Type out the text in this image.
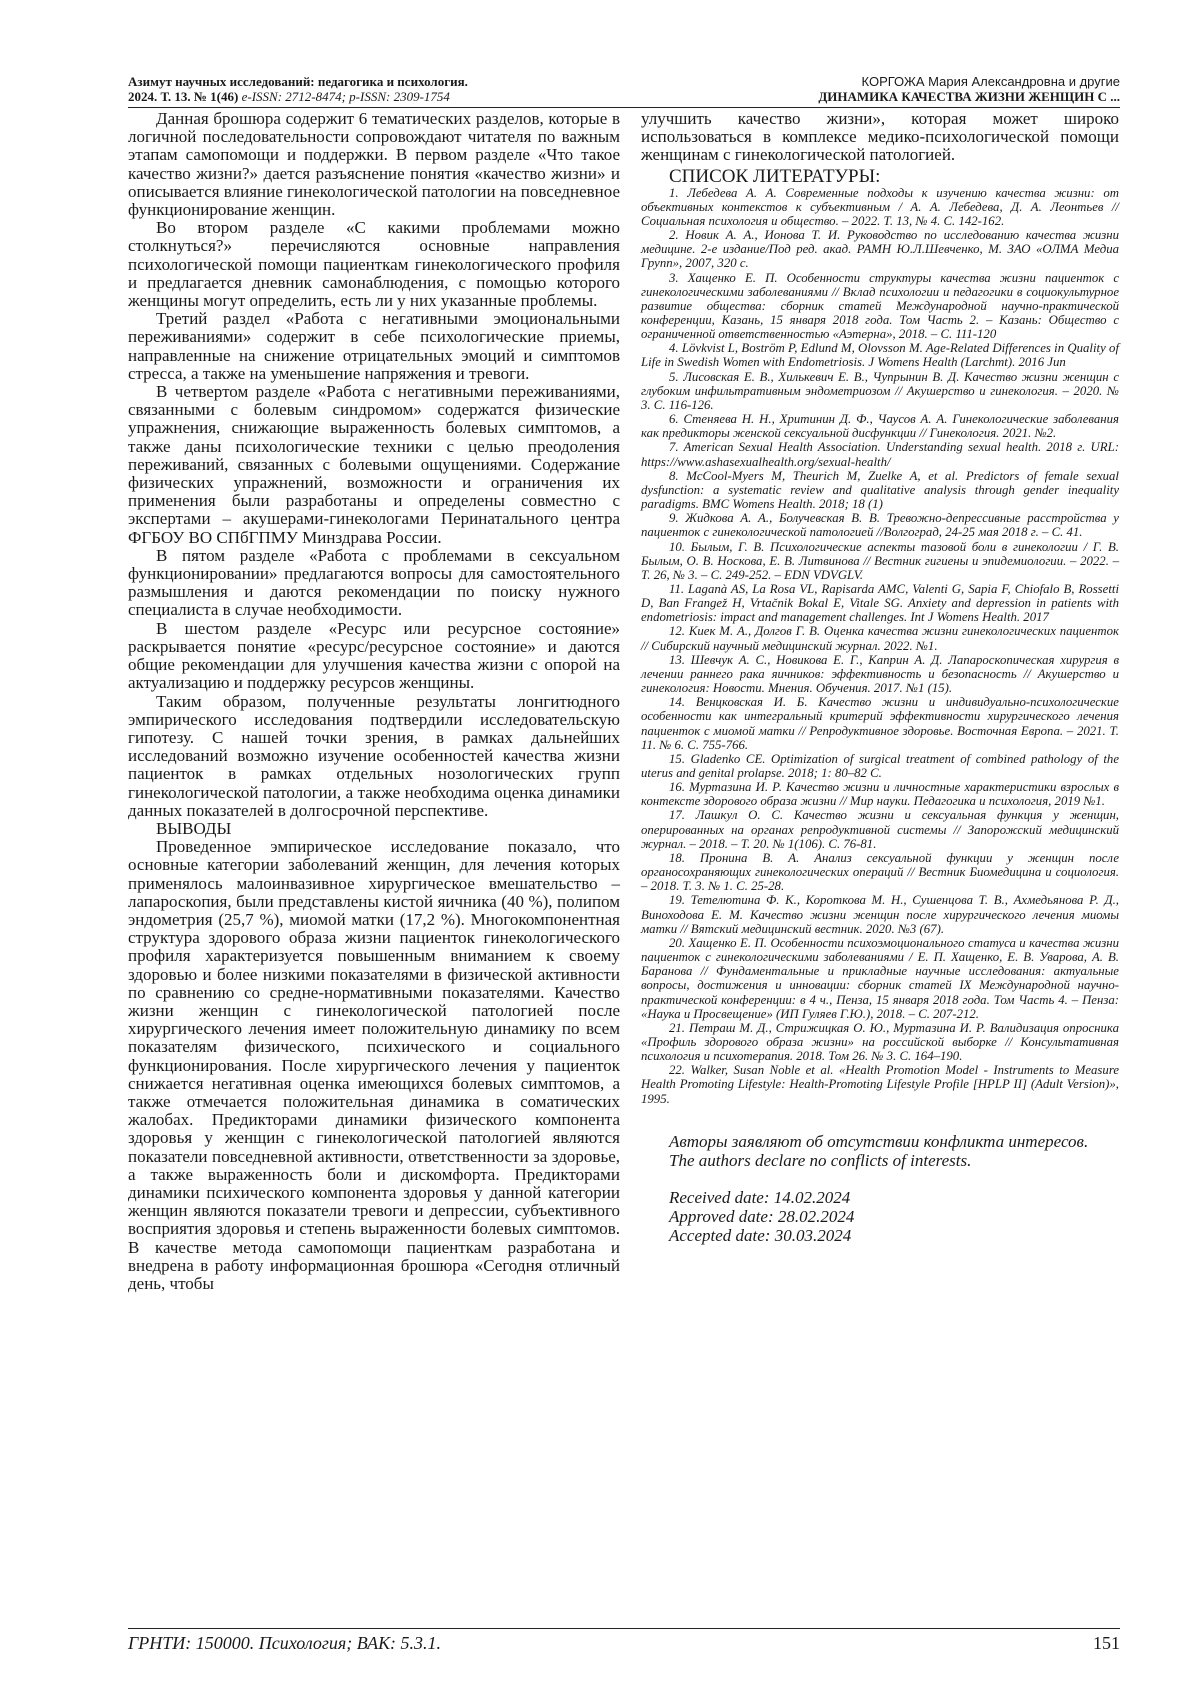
Азимут научных исследований: педагогика и психология.
2024. Т. 13. № 1(46) e-ISSN: 2712-8474; p-ISSN: 2309-1754
КОРГОЖА Мария Александровна и другие
ДИНАМИКА КАЧЕСТВА ЖИЗНИ ЖЕНЩИН С ...

Данная брошюра содержит 6 тематических разделов, которые в логичной последовательности сопровождают читателя по важным этапам самопомощи и поддержки. В первом разделе «Что такое качество жизни?» дается разъяснение понятия «качество жизни» и описывается влияние гинекологической патологии на повседневное функционирование женщин.

Во втором разделе «С какими проблемами можно столкнуться?» перечисляются основные направления психологической помощи пациенткам гинекологического профиля и предлагается дневник самонаблюдения, с помощью которого женщины могут определить, есть ли у них указанные проблемы.

Третий раздел «Работа с негативными эмоциональными переживаниями» содержит в себе психологические приемы, направленные на снижение отрицательных эмоций и симптомов стресса, а также на уменьшение напряжения и тревоги.

В четвертом разделе «Работа с негативными переживаниями, связанными с болевым синдромом» содержатся физические упражнения, снижающие выраженность болевых симптомов, а также даны психологические техники с целью преодоления переживаний, связанных с болевыми ощущениями. Содержание физических упражнений, возможности и ограничения их применения были разработаны и определены совместно с экспертами – акушерами-гинекологами Перинатального центра ФГБОУ ВО СПбГПМУ Минздрава России.

В пятом разделе «Работа с проблемами в сексуальном функционировании» предлагаются вопросы для самостоятельного размышления и даются рекомендации по поиску нужного специалиста в случае необходимости.

В шестом разделе «Ресурс или ресурсное состояние» раскрывается понятие «ресурс/ресурсное состояние» и даются общие рекомендации для улучшения качества жизни с опорой на актуализацию и поддержку ресурсов женщины.

Таким образом, полученные результаты лонгитюдного эмпирического исследования подтвердили исследовательскую гипотезу. С нашей точки зрения, в рамках дальнейших исследований возможно изучение особенностей качества жизни пациенток в рамках отдельных нозологических групп гинекологической патологии, а также необходима оценка динамики данных показателей в долгосрочной перспективе.

ВЫВОДЫ

Проведенное эмпирическое исследование показало, что основные категории заболеваний женщин, для лечения которых применялось малоинвазивное хирургическое вмешательство – лапароскопия, были представлены кистой яичника (40 %), полипом эндометрия (25,7 %), миомой матки (17,2 %). Многокомпонентная структура здорового образа жизни пациенток гинекологического профиля характеризуется повышенным вниманием к своему здоровью и более низкими показателями в физической активности по сравнению со средне-нормативными показателями. Качество жизни женщин с гинекологической патологией после хирургического лечения имеет положительную динамику по всем показателям физического, психического и социального функционирования. После хирургического лечения у пациенток снижается негативная оценка имеющихся болевых симптомов, а также отмечается положительная динамика в соматических жалобах. Предикторами динамики физического компонента здоровья у женщин с гинекологической патологией являются показатели повседневной активности, ответственности за здоровье, а также выраженность боли и дискомфорта. Предикторами динамики психического компонента здоровья у данной категории женщин являются показатели тревоги и депрессии, субъективного восприятия здоровья и степень выраженности болевых симптомов. В качестве метода самопомощи пациенткам разработана и внедрена в работу информационная брошюра «Сегодня отличный день, чтобы

улучшить качество жизни», которая может широко использоваться в комплексе медико-психологической помощи женщинам с гинекологической патологией.

СПИСОК ЛИТЕРАТУРЫ:

1. Лебедева А. А. Современные подходы к изучению качества жизни: от объективных контекстов к субъективным / А. А. Лебедева, Д. А. Леонтьев // Социальная психология и общество. – 2022. Т. 13, № 4. С. 142-162.
2. Новик А. А., Ионова Т. И. Руководство по исследованию качества жизни медицине. 2-е издание/Под ред. акад. РАМН Ю.Л.Шевченко, М. ЗАО «ОЛМА Медиа Групп», 2007, 320 с.
3. Хащенко Е. П. Особенности структуры качества жизни пациенток с гинекологическими заболеваниями // Вклад психологии и педагогики в социокультурное развитие общества: сборник статей Международной научно-практической конференции, Казань, 15 января 2018 года. Том Часть 2. – Казань: Общество с ограниченной ответственностью «Аэтерна», 2018. – С. 111-120
4. Lövkvist L, Boström P, Edlund M, Olovsson M. Age-Related Differences in Quality of Life in Swedish Women with Endometriosis. J Womens Health (Larchmt). 2016 Jun
5. Лисовская Е. В., Хилькевич Е. В., Чупрынин В. Д. Качество жизни женщин с глубоким инфильтративным эндометриозом // Акушерство и гинекология. – 2020. № 3. С. 116-126.
6. Стеняева Н. Н., Хритинин Д. Ф., Чаусов А. А. Гинекологические заболевания как предикторы женской сексуальной дисфункции // Гинекология. 2021. №2.
7. American Sexual Health Association. Understanding sexual health. 2018 г. URL: https://www.ashasexualhealth.org/sexual-health/
8. McCool-Myers M, Theurich M, Zuelke A, et al. Predictors of female sexual dysfunction: a systematic review and qualitative analysis through gender inequality paradigms. BMC Womens Health. 2018; 18 (1)
9. Жидкова А. А., Болучевская В. В. Тревожно-депрессивные расстройства у пациенток с гинекологической патологией //Волгоград, 24-25 мая 2018 г. – С. 41.
10. Былым, Г. В. Психологические аспекты тазовой боли в гинекологии / Г. В. Былым, О. В. Носкова, Е. В. Литвинова // Вестник гигиены и эпидемиологии. – 2022. – Т. 26, № 3. – С. 249-252. – EDN VDVGLV.
11. Laganà AS, La Rosa VL, Rapisarda AMC, Valenti G, Sapia F, Chiofalo B, Rossetti D, Ban Frangež H, Vrtačnik Bokal E, Vitale SG. Anxiety and depression in patients with endometriosis: impact and management challenges. Int J Womens Health. 2017
12. Киек М. А., Долгов Г. В. Оценка качества жизни гинекологических пациенток // Сибирский научный медицинский журнал. 2022. №1.
13. Шевчук А. С., Новикова Е. Г., Каприн А. Д. Лапароскопическая хирургия в лечении раннего рака яичников: эффективность и безопасность // Акушерство и гинекология: Новости. Мнения. Обучения. 2017. №1 (15).
14. Венцковская И. Б. Качество жизни и индивидуально-психологические особенности как интегральный критерий эффективности хирургического лечения пациенток с миомой матки // Репродуктивное здоровье. Восточная Европа. – 2021. Т. 11. № 6. С. 755-766.
15. Gladenko CE. Optimization of surgical treatment of combined pathology of the uterus and genital prolapse. 2018; 1: 80–82 C.
16. Муртазина И. Р. Качество жизни и личностные характеристики взрослых в контексте здорового образа жизни // Мир науки. Педагогика и психология, 2019 №1.
17. Лашкул О. С. Качество жизни и сексуальная функция у женщин, оперированных на органах репродуктивной системы // Запорожский медицинский журнал. – 2018. – Т. 20. № 1(106). С. 76-81.
18. Пронина В. А. Анализ сексуальной функции у женщин после органосохраняющих гинекологических операций // Вестник Биомедицина и социология. – 2018. Т. 3. № 1. С. 25-28.
19. Тетелютина Ф. К., Короткова М. Н., Сушенцова Т. В., Ахмедьянова Р. Д., Виноходова Е. М. Качество жизни женщин после хирургического лечения миомы матки // Вятский медицинский вестник. 2020. №3 (67).
20. Хащенко Е. П. Особенности психоэмоционального статуса и качества жизни пациенток с гинекологическими заболеваниями / Е. П. Хащенко, Е. В. Уварова, А. В. Баранова // Фундаментальные и прикладные научные исследования: актуальные вопросы, достижения и инновации: сборник статей IX Международной научно-практической конференции: в 4 ч., Пенза, 15 января 2018 года. Том Часть 4. – Пенза: «Наука и Просвещение» (ИП Гуляев Г.Ю.), 2018. – С. 207-212.
21. Петраш М. Д., Стрижицкая О. Ю., Муртазина И. Р. Валидизация опросника «Профиль здорового образа жизни» на российской выборке // Консультативная психология и психотерапия. 2018. Том 26. № 3. С. 164–190.
22. Walker, Susan Noble et al. «Health Promotion Model - Instruments to Measure Health Promoting Lifestyle: Health-Promoting Lifestyle Profile [HPLP II] (Adult Version)», 1995.

Авторы заявляют об отсутствии конфликта интересов.

The authors declare no conflicts of interests.

Received date: 14.02.2024

Approved date: 28.02.2024

Accepted date: 30.03.2024

ГРНТИ: 150000. Психология; ВАК: 5.3.1.	151
